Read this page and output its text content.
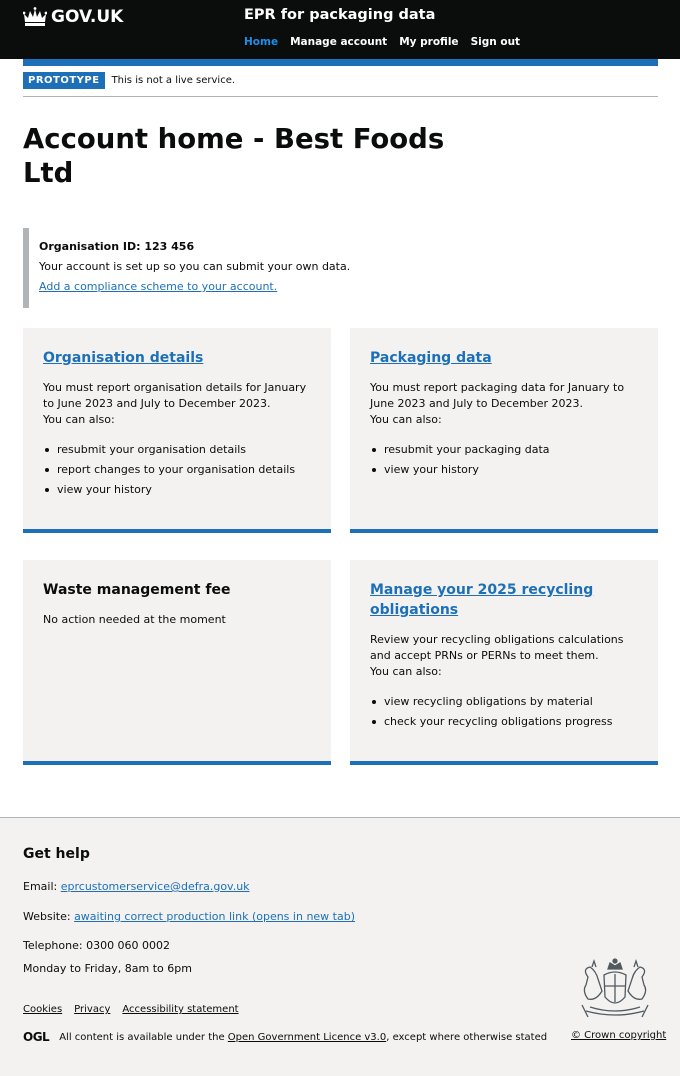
GOV.UK	EPR for packaging data
Home Manage account My profile Sign out
PROTOTYPE	This is not a live service.
Account home - Best Foods Ltd
Organisation ID: 123 456
Your account is set up so you can submit your own data.
Add a compliance scheme to your account.
Organisation details

You must report organisation details for January to June 2023 and July to December 2023.
You can also:

resubmit your organisation details
report changes to your organisation details
view your history
Packaging data

You must report packaging data for January to June 2023 and July to December 2023.
You can also:

resubmit your packaging data
view your history
Waste management fee

No action needed at the moment

Manage your 2025 recycling obligations

Review your recycling obligations calculations and accept PRNs or PERNs to meet them.
You can also:

view recycling obligations by material
check your recycling obligations progress
Get help
Email: eprcustomerservice@defra.gov.uk
Website: awaiting correct production link (opens in new tab)
Telephone: 0300 060 0002
Monday to Friday, 8am to 6pm
Cookies Privacy Accessibility statement
OGL All content is available under the Open Government Licence v3.0, except where otherwise stated © Crown copyright
